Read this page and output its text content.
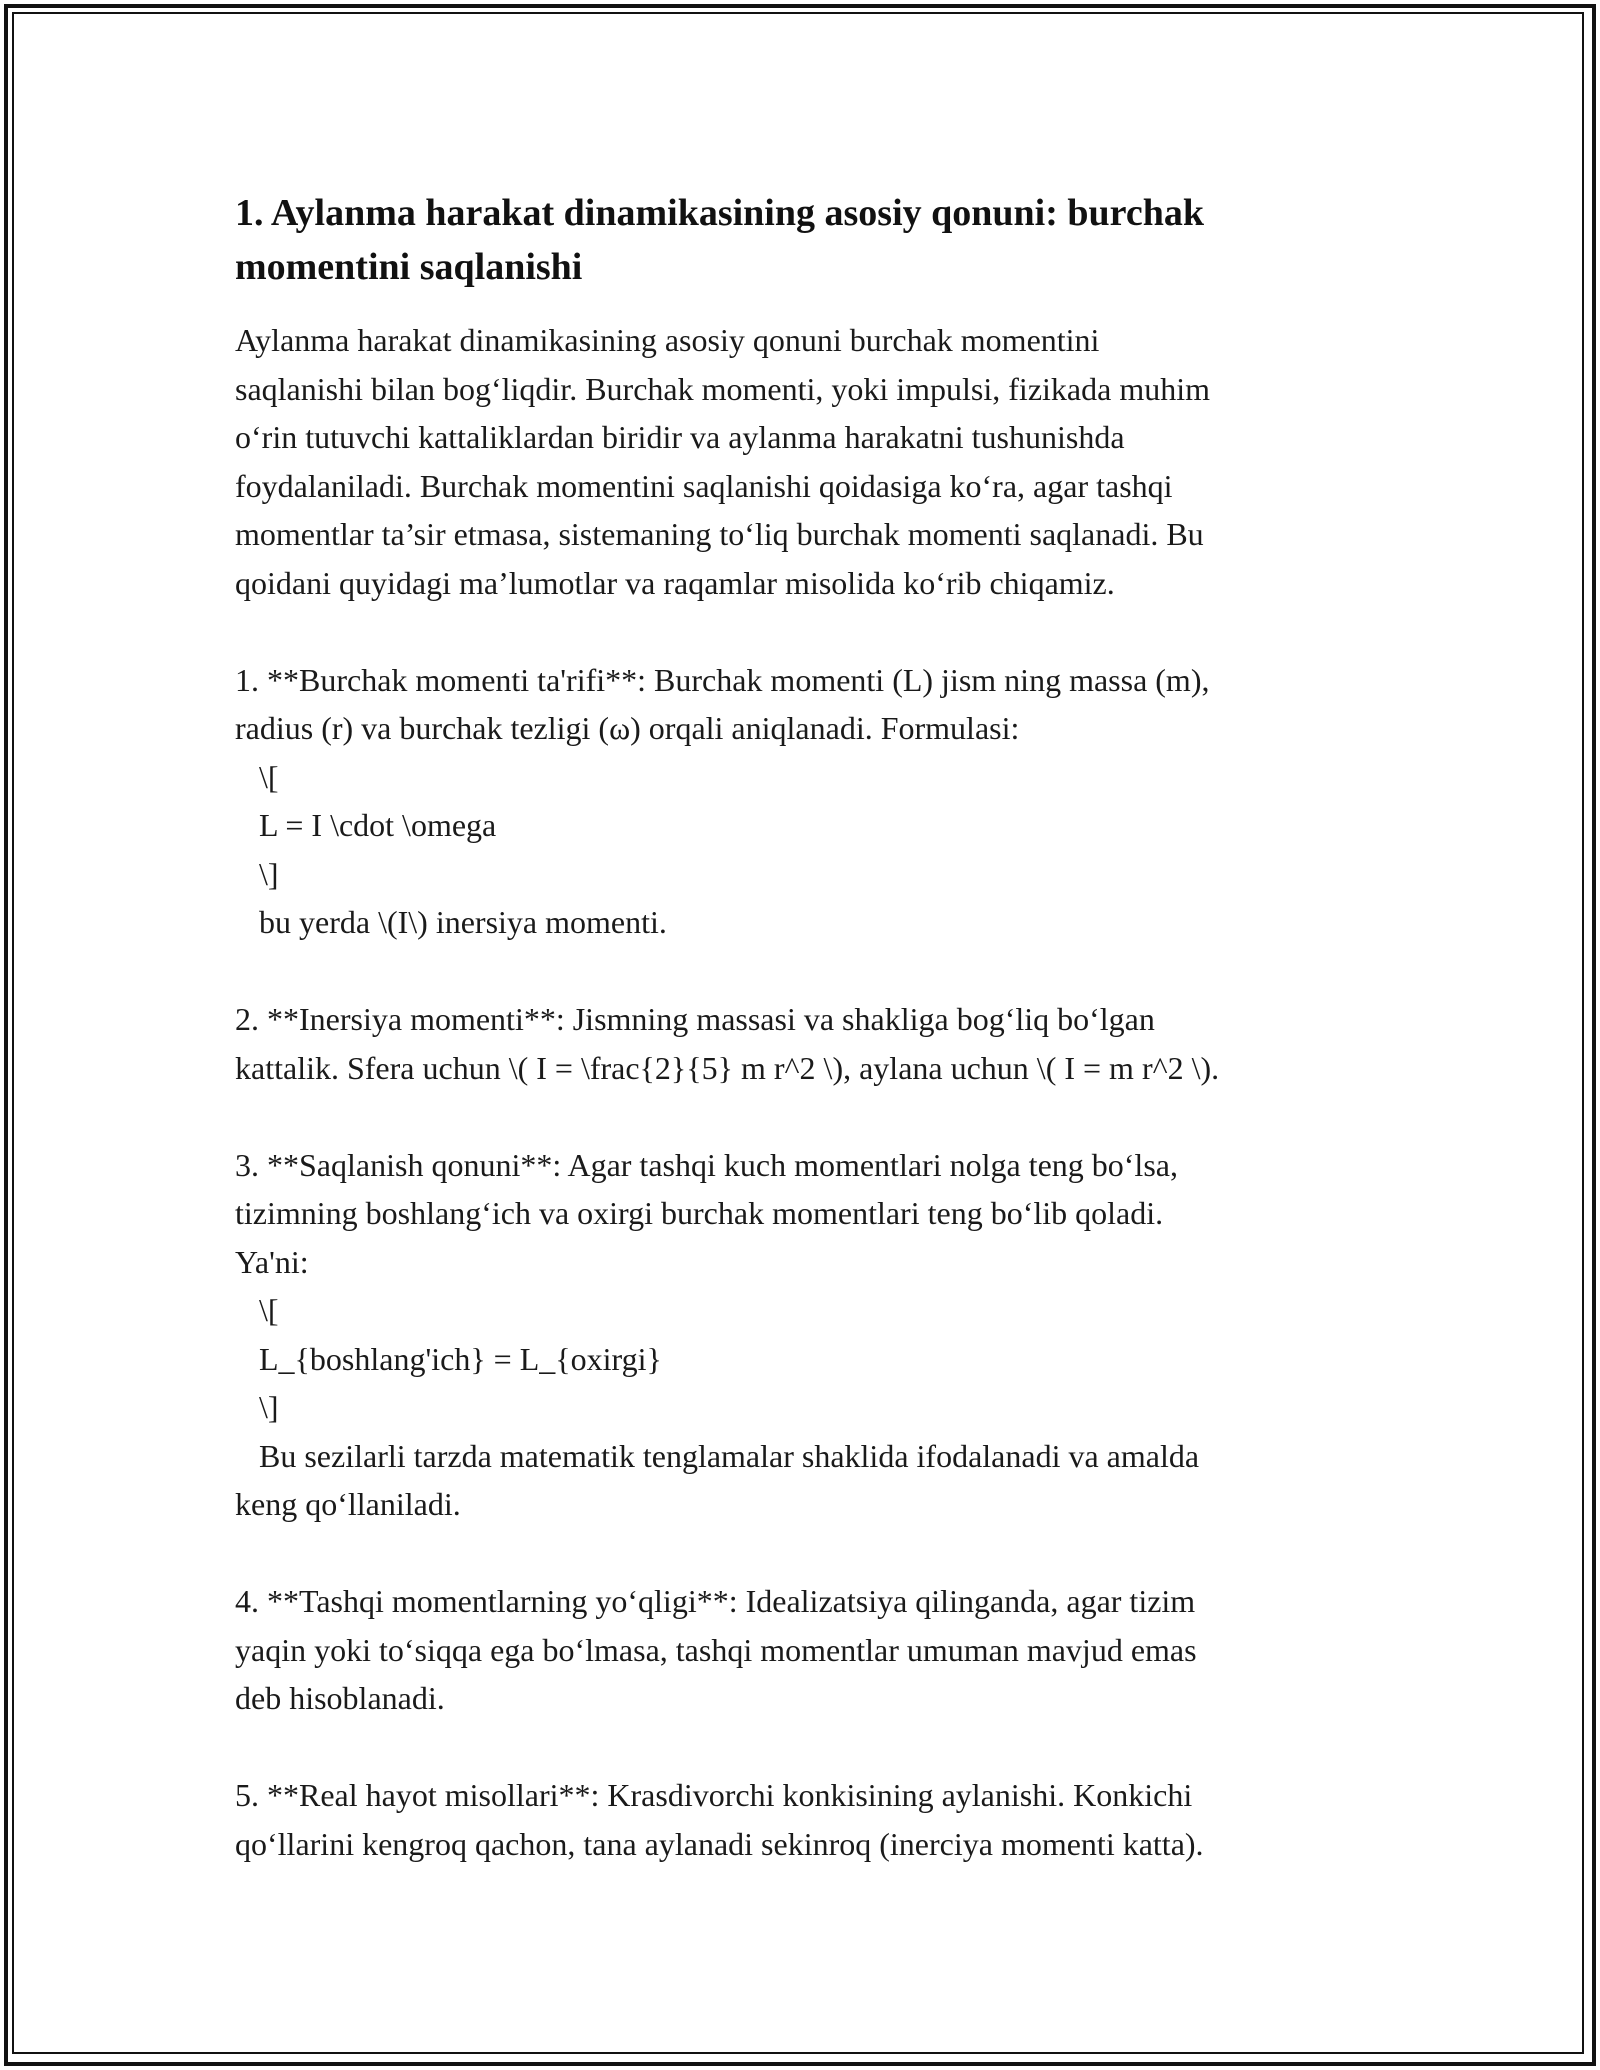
1. Aylanma harakat dinamikasining asosiy qonuni: burchak
momentini saqlanishi
Aylanma harakat dinamikasining asosiy qonuni burchak momentini
saqlanishi bilan bog‘liqdir. Burchak momenti, yoki impulsi, fizikada muhim
o‘rin tutuvchi kattaliklardan biridir va aylanma harakatni tushunishda
foydalaniladi. Burchak momentini saqlanishi qoidasiga ko‘ra, agar tashqi
momentlar ta’sir etmasa, sistemaning to‘liq burchak momenti saqlanadi. Bu
qoidani quyidagi ma’lumotlar va raqamlar misolida ko‘rib chiqamiz.
1. **Burchak momenti ta'rifi**: Burchak momenti (L) jism ning massa (m),
radius (r) va burchak tezligi (ω) orqali aniqlanadi. Formulasi:
\[
L = I \cdot \omega
\]
bu yerda \(I\) inersiya momenti.
2. **Inersiya momenti**: Jismning massasi va shakliga bog‘liq bo‘lgan
kattalik. Sfera uchun \( I = \frac{2}{5} m r^2 \), aylana uchun \( I = m r^2 \).
3. **Saqlanish qonuni**: Agar tashqi kuch momentlari nolga teng bo‘lsa,
tizimning boshlang‘ich va oxirgi burchak momentlari teng bo‘lib qoladi.
Ya'ni:
\[
L_{boshlang'ich} = L_{oxirgi}
\]
Bu sezilarli tarzda matematik tenglamalar shaklida ifodalanadi va amalda
keng qo‘llaniladi.
4. **Tashqi momentlarning yo‘qligi**: Idealizatsiya qilinganda, agar tizim
yaqin yoki to‘siqqa ega bo‘lmasa, tashqi momentlar umuman mavjud emas
deb hisoblanadi.
5. **Real hayot misollari**: Krasdivorchi konkisining aylanishi. Konkichi
qo‘llarini kengroq qachon, tana aylanadi sekinroq (inerciya momenti katta).
